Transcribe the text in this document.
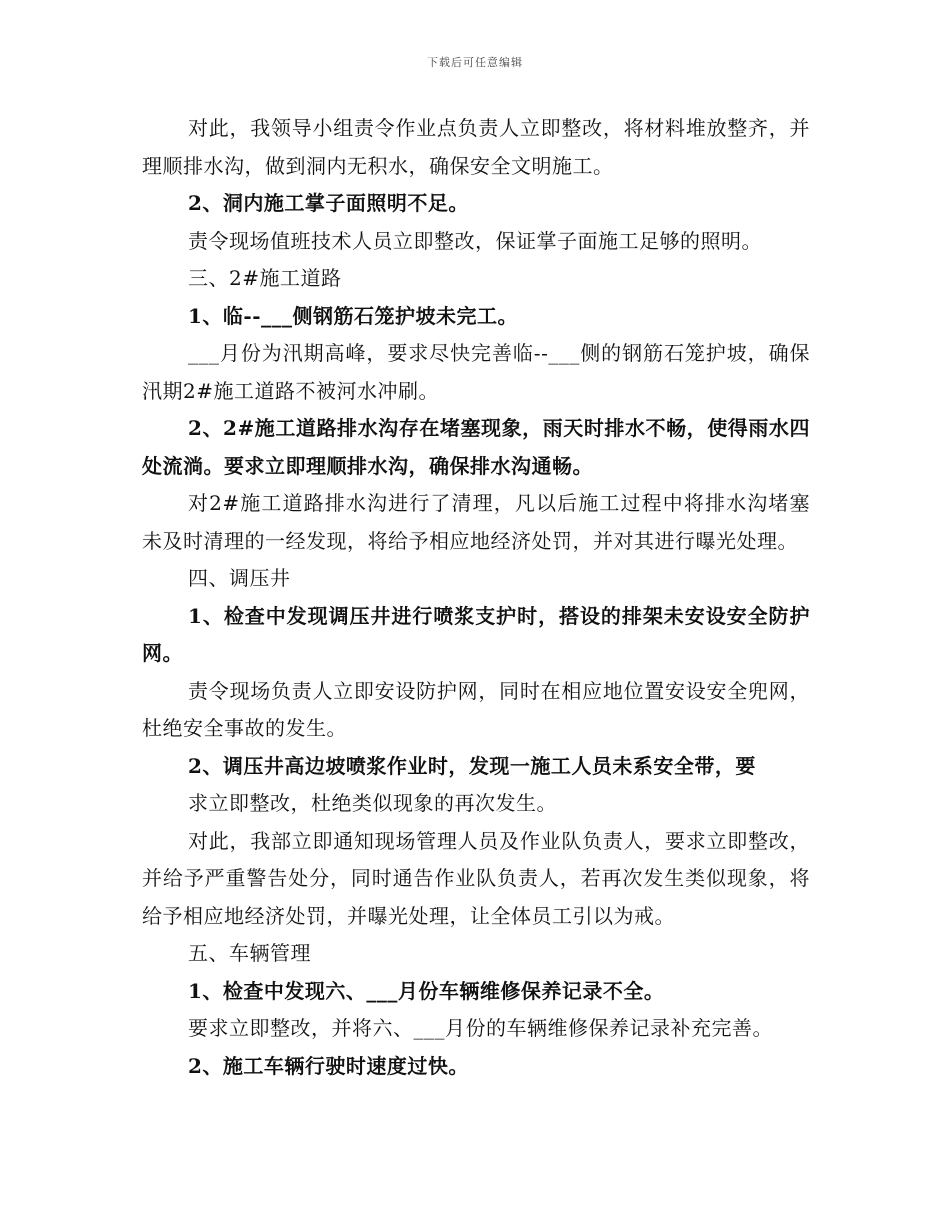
下载后可任意编辑

对此，我领导小组责令作业点负责人立即整改，将材料堆放整齐，并理顺排水沟，做到洞内无积水，确保安全文明施工。

2、洞内施工掌子面照明不足。

责令现场值班技术人员立即整改，保证掌子面施工足够的照明。

三、2#施工道路

1、临--___侧钢筋石笼护坡未完工。

___月份为汛期高峰，要求尽快完善临--___侧的钢筋石笼护坡，确保汛期2#施工道路不被河水冲刷。

2、2#施工道路排水沟存在堵塞现象，雨天时排水不畅，使得雨水四处流淌。要求立即理顺排水沟，确保排水沟通畅。

对2#施工道路排水沟进行了清理，凡以后施工过程中将排水沟堵塞未及时清理的一经发现，将给予相应地经济处罚，并对其进行曝光处理。

四、调压井

1、检查中发现调压井进行喷浆支护时，搭设的排架未安设安全防护网。

责令现场负责人立即安设防护网，同时在相应地位置安设安全兜网，杜绝安全事故的发生。

2、调压井高边坡喷浆作业时，发现一施工人员未系安全带，要

求立即整改，杜绝类似现象的再次发生。

对此，我部立即通知现场管理人员及作业队负责人，要求立即整改，并给予严重警告处分，同时通告作业队负责人，若再次发生类似现象，将给予相应地经济处罚，并曝光处理，让全体员工引以为戒。

五、车辆管理

1、检查中发现六、___月份车辆维修保养记录不全。

要求立即整改，并将六、___月份的车辆维修保养记录补充完善。

2、施工车辆行驶时速度过快。
